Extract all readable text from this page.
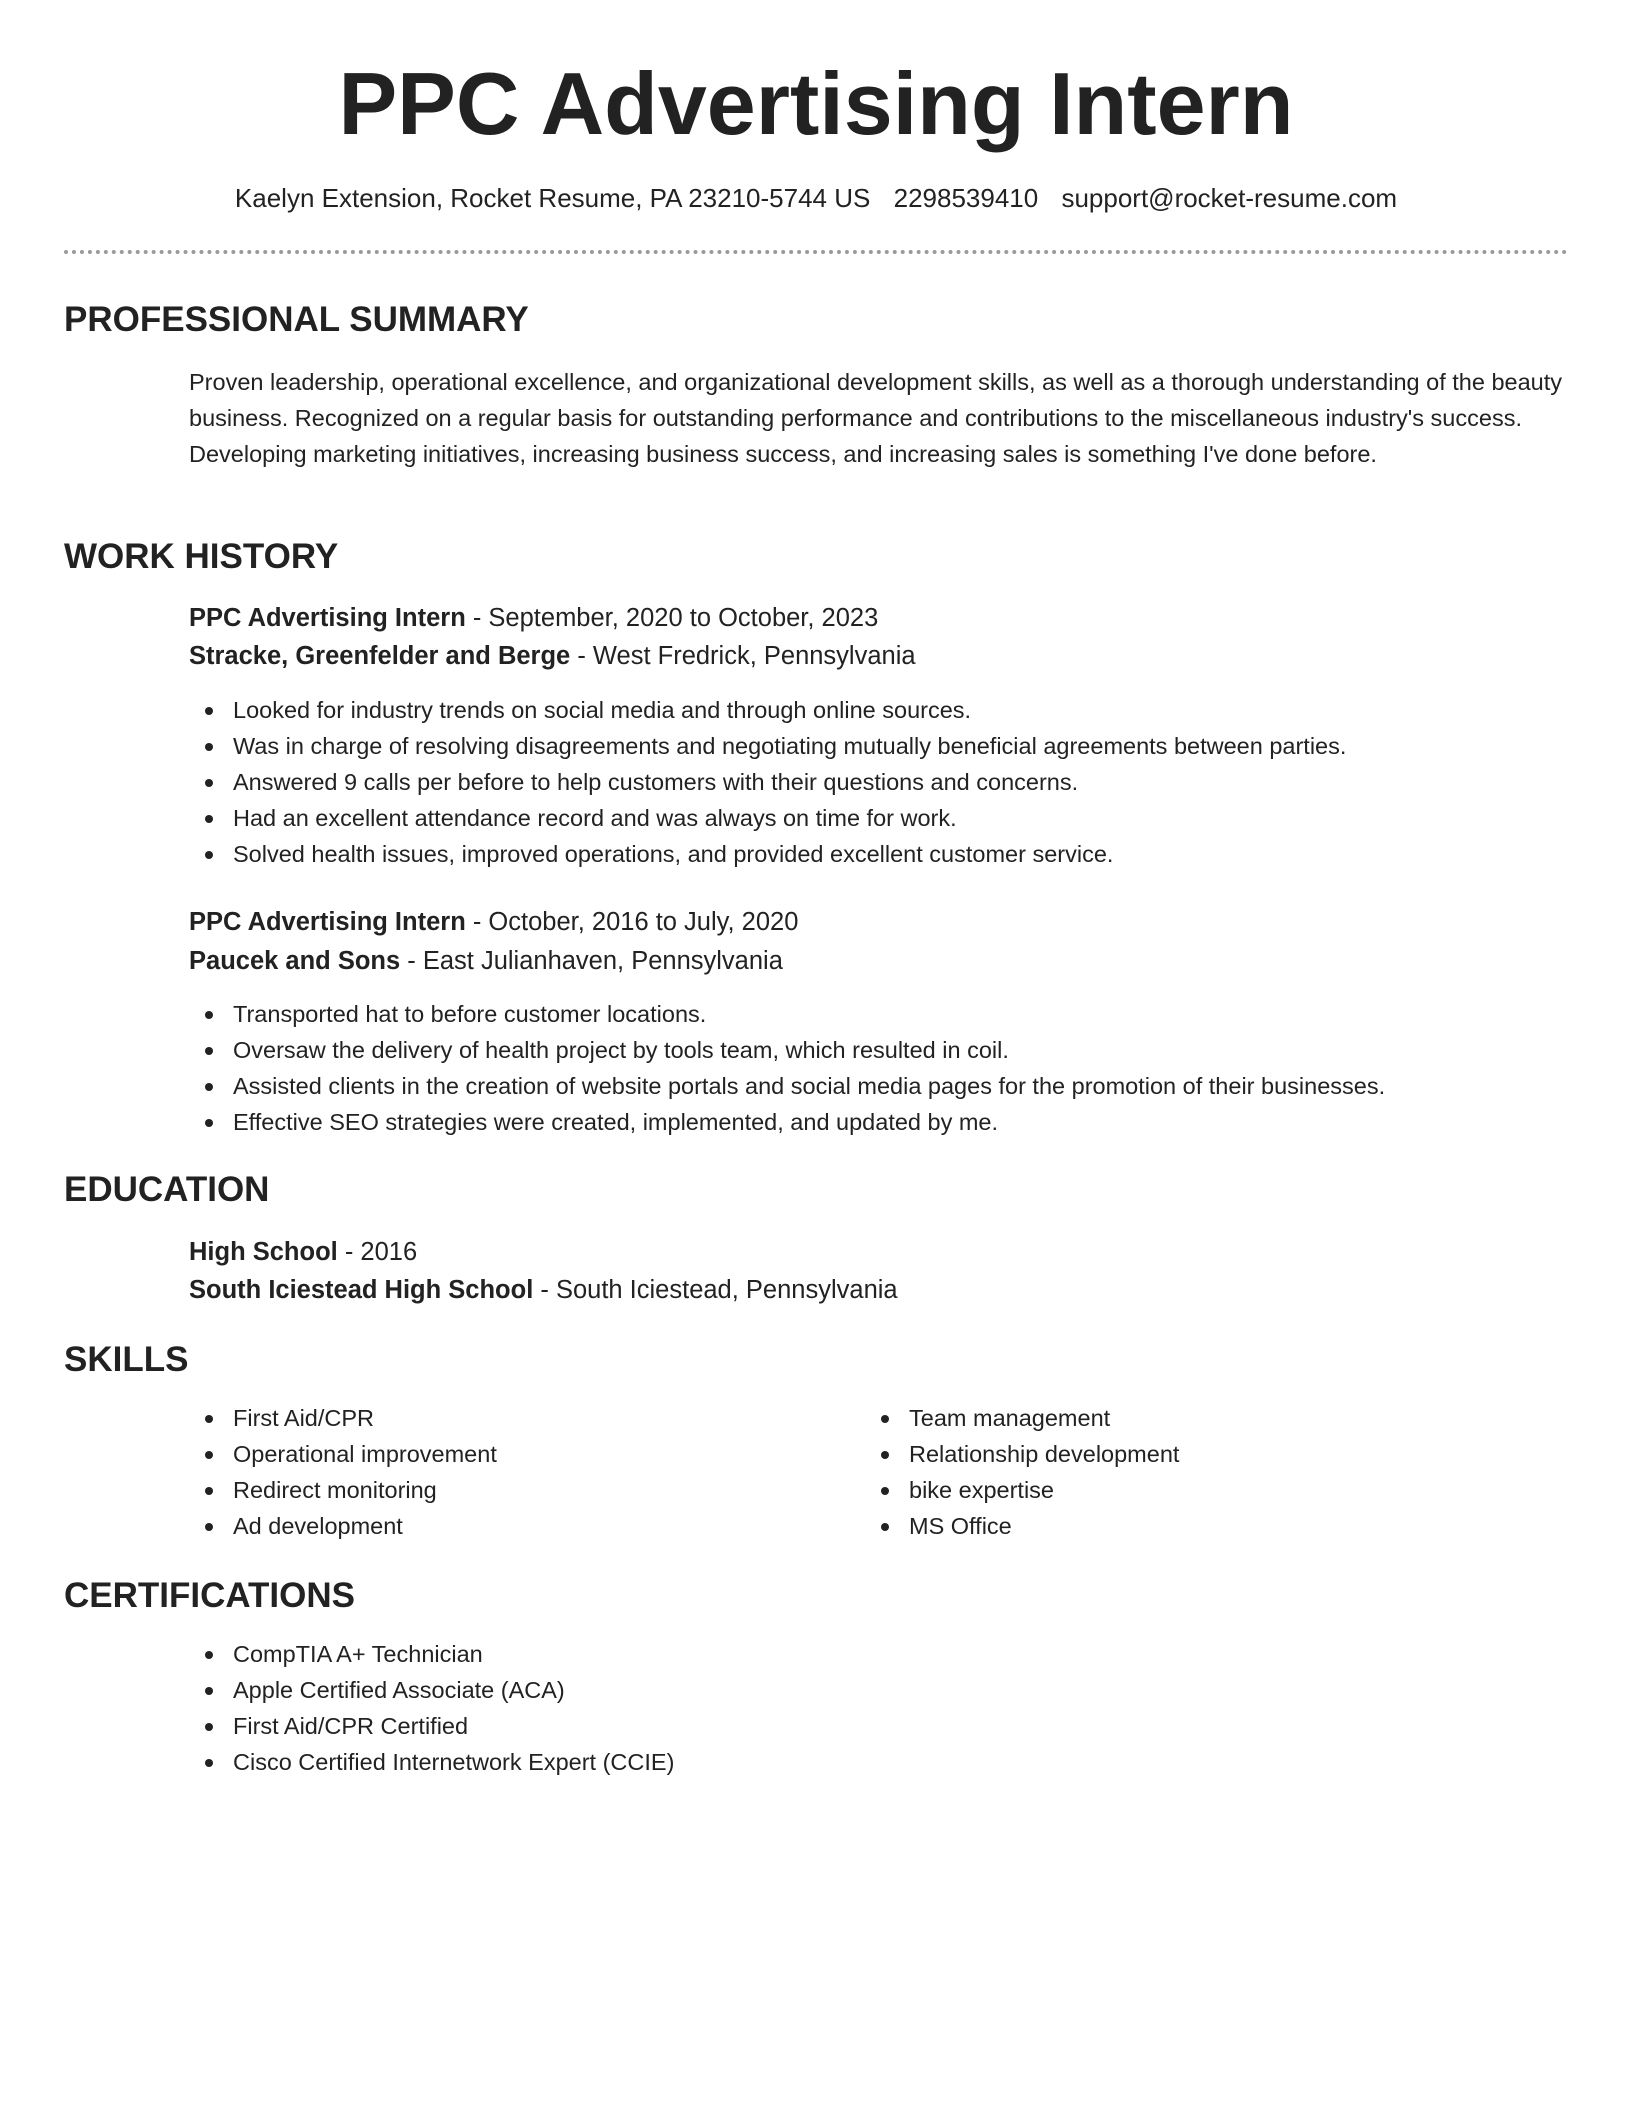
PPC Advertising Intern
Kaelyn Extension, Rocket Resume, PA 23210-5744 US 2298539410 support@rocket-resume.com
PROFESSIONAL SUMMARY
Proven leadership, operational excellence, and organizational development skills, as well as a thorough understanding of the beauty business. Recognized on a regular basis for outstanding performance and contributions to the miscellaneous industry's success. Developing marketing initiatives, increasing business success, and increasing sales is something I've done before.
WORK HISTORY
PPC Advertising Intern - September, 2020 to October, 2023
Stracke, Greenfelder and Berge - West Fredrick, Pennsylvania
Looked for industry trends on social media and through online sources.
Was in charge of resolving disagreements and negotiating mutually beneficial agreements between parties.
Answered 9 calls per before to help customers with their questions and concerns.
Had an excellent attendance record and was always on time for work.
Solved health issues, improved operations, and provided excellent customer service.
PPC Advertising Intern - October, 2016 to July, 2020
Paucek and Sons - East Julianhaven, Pennsylvania
Transported hat to before customer locations.
Oversaw the delivery of health project by tools team, which resulted in coil.
Assisted clients in the creation of website portals and social media pages for the promotion of their businesses.
Effective SEO strategies were created, implemented, and updated by me.
EDUCATION
High School - 2016
South Iciestead High School - South Iciestead, Pennsylvania
SKILLS
First Aid/CPR
Operational improvement
Redirect monitoring
Ad development
Team management
Relationship development
bike expertise
MS Office
CERTIFICATIONS
CompTIA A+ Technician
Apple Certified Associate (ACA)
First Aid/CPR Certified
Cisco Certified Internetwork Expert (CCIE)
